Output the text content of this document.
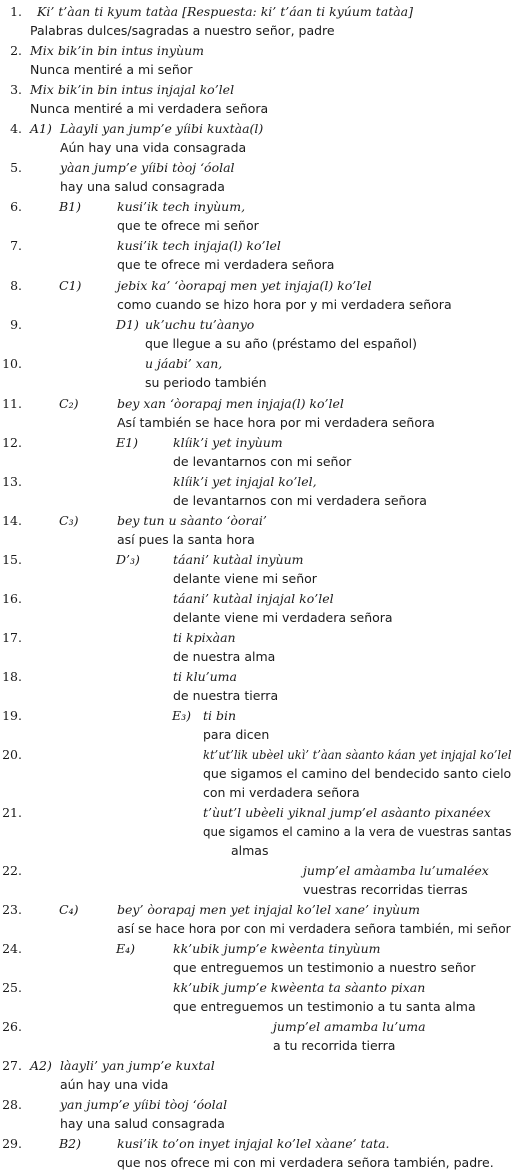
1. Ki’ t’àan ti kyum tatàa [Respuesta: ki’ t’áan ti kyúum tatàa]
Palabras dulces/sagradas a nuestro señor, padre
2. Mix bik’in bin intus inyùum
Nunca mentiré a mi señor
3. Mix bik’in bin intus injajal ko’lel
Nunca mentiré a mi verdadera señora
4. A1) Làayli yan jump’e yíibi kuxtàa(l)
Aún hay una vida consagrada
5.	yàan jump’e yíibi tòoj ‘óolal
hay una salud consagrada
6.	B1)	kusi’ik tech inyùum,
que te ofrece mi señor
7.	kusi’ik tech injaja(l) ko’lel
que te ofrece mi verdadera señora
8.	C1)	jebix ka’ ‘òorapaj men yet injaja(l) ko’lel
como cuando se hizo hora por y mi verdadera señora
9.	D1) uk’uchu tu’àanyo
que llegue a su año (préstamo del español)
10.	u jáabi’ xan,
su periodo también
11.	C₂)	bey xan ‘òorapaj men injaja(l) ko’lel
Así también se hace hora por mi verdadera señora
12.	E1)	klíik’i yet inyùum
de levantarnos con mi señor
13.	klíik’i yet injajal ko’lel,
de levantarnos con mi verdadera señora
14.	C₃)	bey tun u sàanto ‘òorai’
así pues la santa hora
15.	D’₃)	táani’ kutàal inyùum
delante viene mi señor
16.	táani’ kutàal injajal ko’lel
delante viene mi verdadera señora
17.	ti kpixàan
de nuestra alma
18.	ti klu’uma
de nuestra tierra
19.	E₃) ti bin
para dicen
20.	kt’ut’lik ubèel ukì’ t’àan sàanto káan yet injajal ko’lel
que sigamos el camino del bendecido santo cielo
con mi verdadera señora
21.	t’ùut’l ubèeli yiknal jump’el asàanto pixanéex
que sigamos el camino a la vera de vuestras santas
almas
22.	jump’el amàamba lu’umaléex
vuestras recorridas tierras
23.	C₄)	bey’ òorapaj men yet injajal ko’lel xane’ inyùum
así se hace hora por con mi verdadera señora también, mi señor
24.	E₄)	kk’ubik jump’e kwèenta tinyùum
que entreguemos un testimonio a nuestro señor
25.	kk’ubik jump’e kwèenta ta sàanto pixan
que entreguemos un testimonio a tu santa alma
26.	jump’el amamba lu’uma
a tu recorrida tierra
27. A2) làayli’ yan jump’e kuxtal
aún hay una vida
28.	yan jump’e yíibi tòoj ‘óolal
hay una salud consagrada
29.	B2)	kusi’ik to’on inyet injajal ko’lel xàane’ tata.
que nos ofrece mi con mi verdadera señora también, padre.
